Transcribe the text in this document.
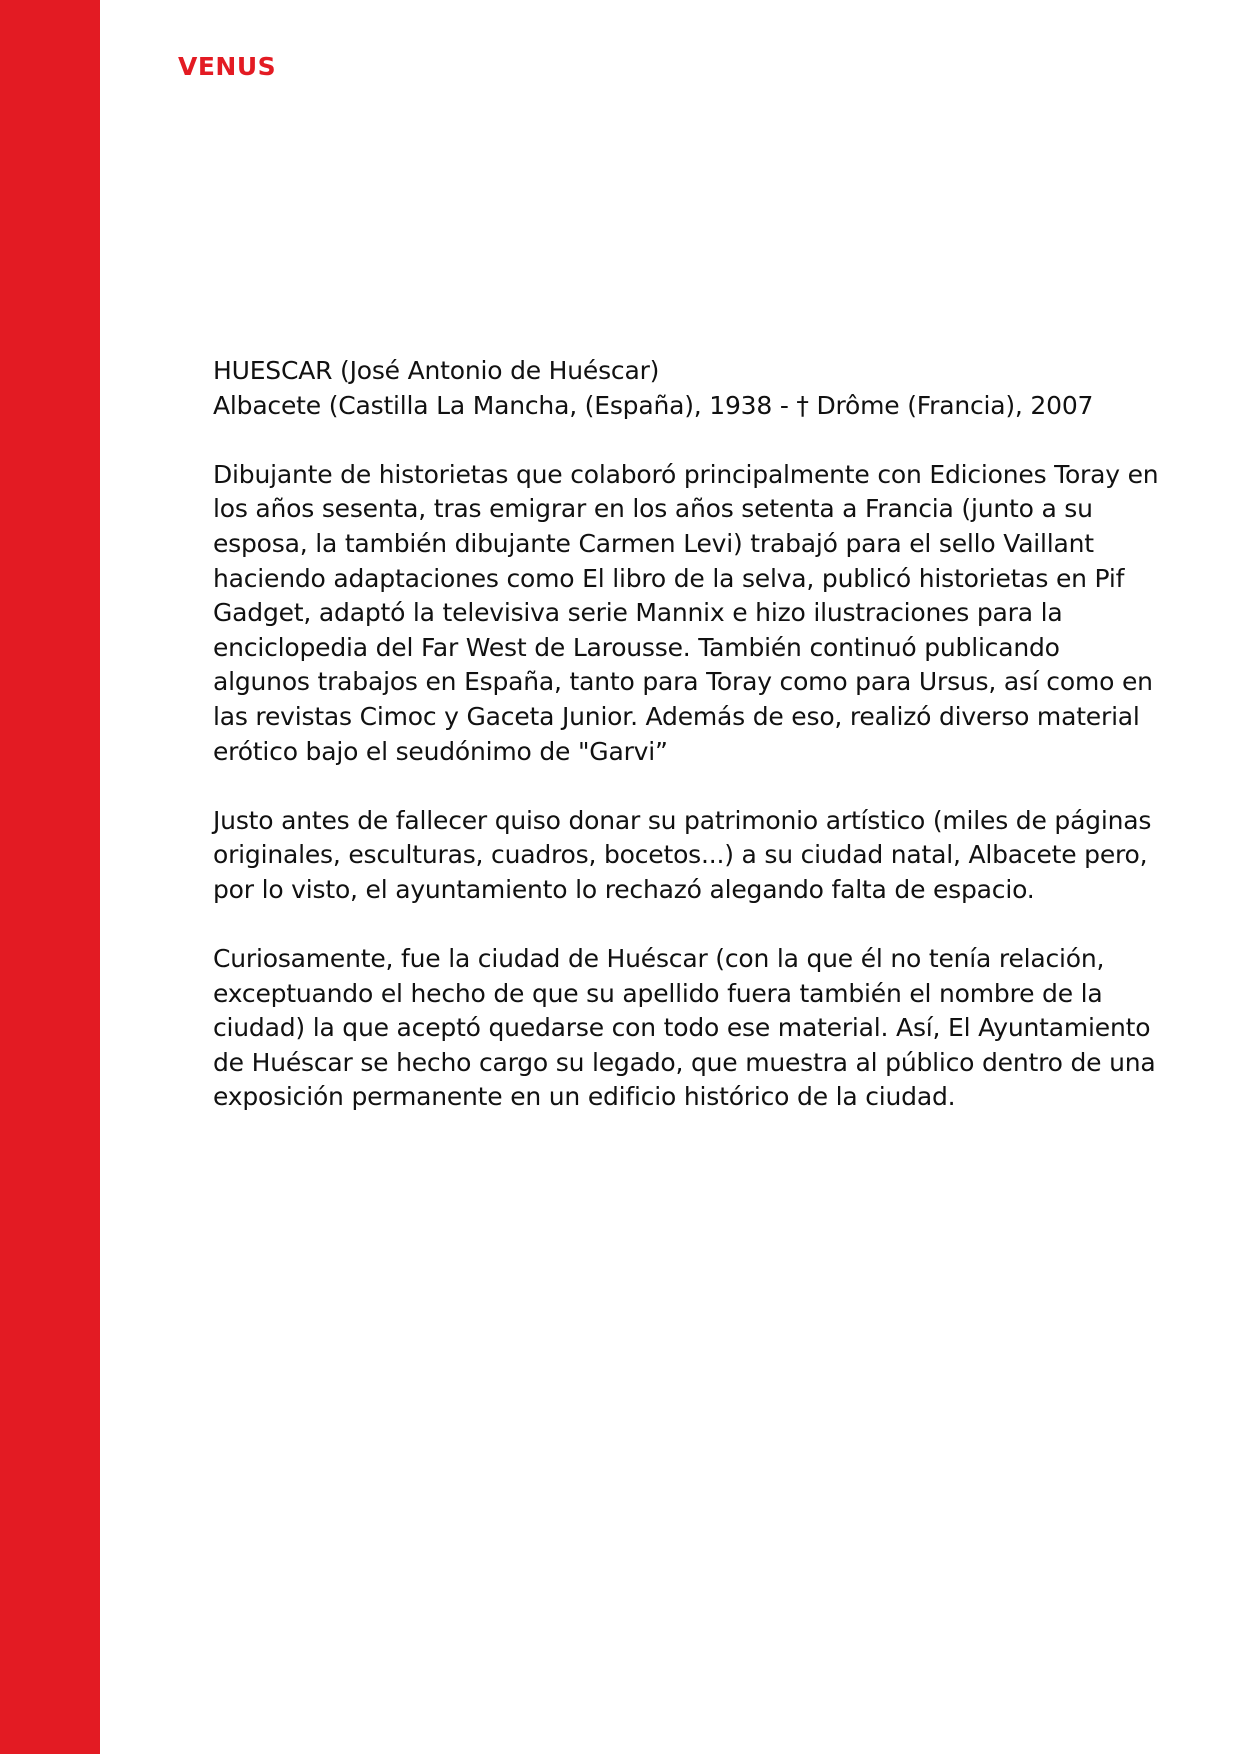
VENUS
HUESCAR (José Antonio de Huéscar)
Albacete (Castilla La Mancha, (España), 1938 - † Drôme (Francia), 2007

Dibujante de historietas que colaboró principalmente con Ediciones Toray en los años sesenta, tras emigrar en los años setenta a Francia (junto a su esposa, la también dibujante Carmen Levi) trabajó para el sello Vaillant haciendo adaptaciones como El libro de la selva, publicó historietas en Pif Gadget, adaptó la televisiva serie Mannix e hizo ilustraciones para la enciclopedia del Far West de Larousse. También continuó publicando algunos trabajos en España, tanto para Toray como para Ursus, así como en las revistas Cimoc y Gaceta Junior. Además de eso, realizó diverso material erótico bajo el seudónimo de "Garvi”

Justo antes de fallecer quiso donar su patrimonio artístico (miles de páginas originales, esculturas, cuadros, bocetos...) a su ciudad natal, Albacete pero, por lo visto, el ayuntamiento lo rechazó alegando falta de espacio.

Curiosamente, fue la ciudad de Huéscar (con la que él no tenía relación, exceptuando el hecho de que su apellido fuera también el nombre de la ciudad) la que aceptó quedarse con todo ese material. Así, El Ayuntamiento de Huéscar se hecho cargo su legado, que muestra al público dentro de una exposición permanente en un edificio histórico de la ciudad.
